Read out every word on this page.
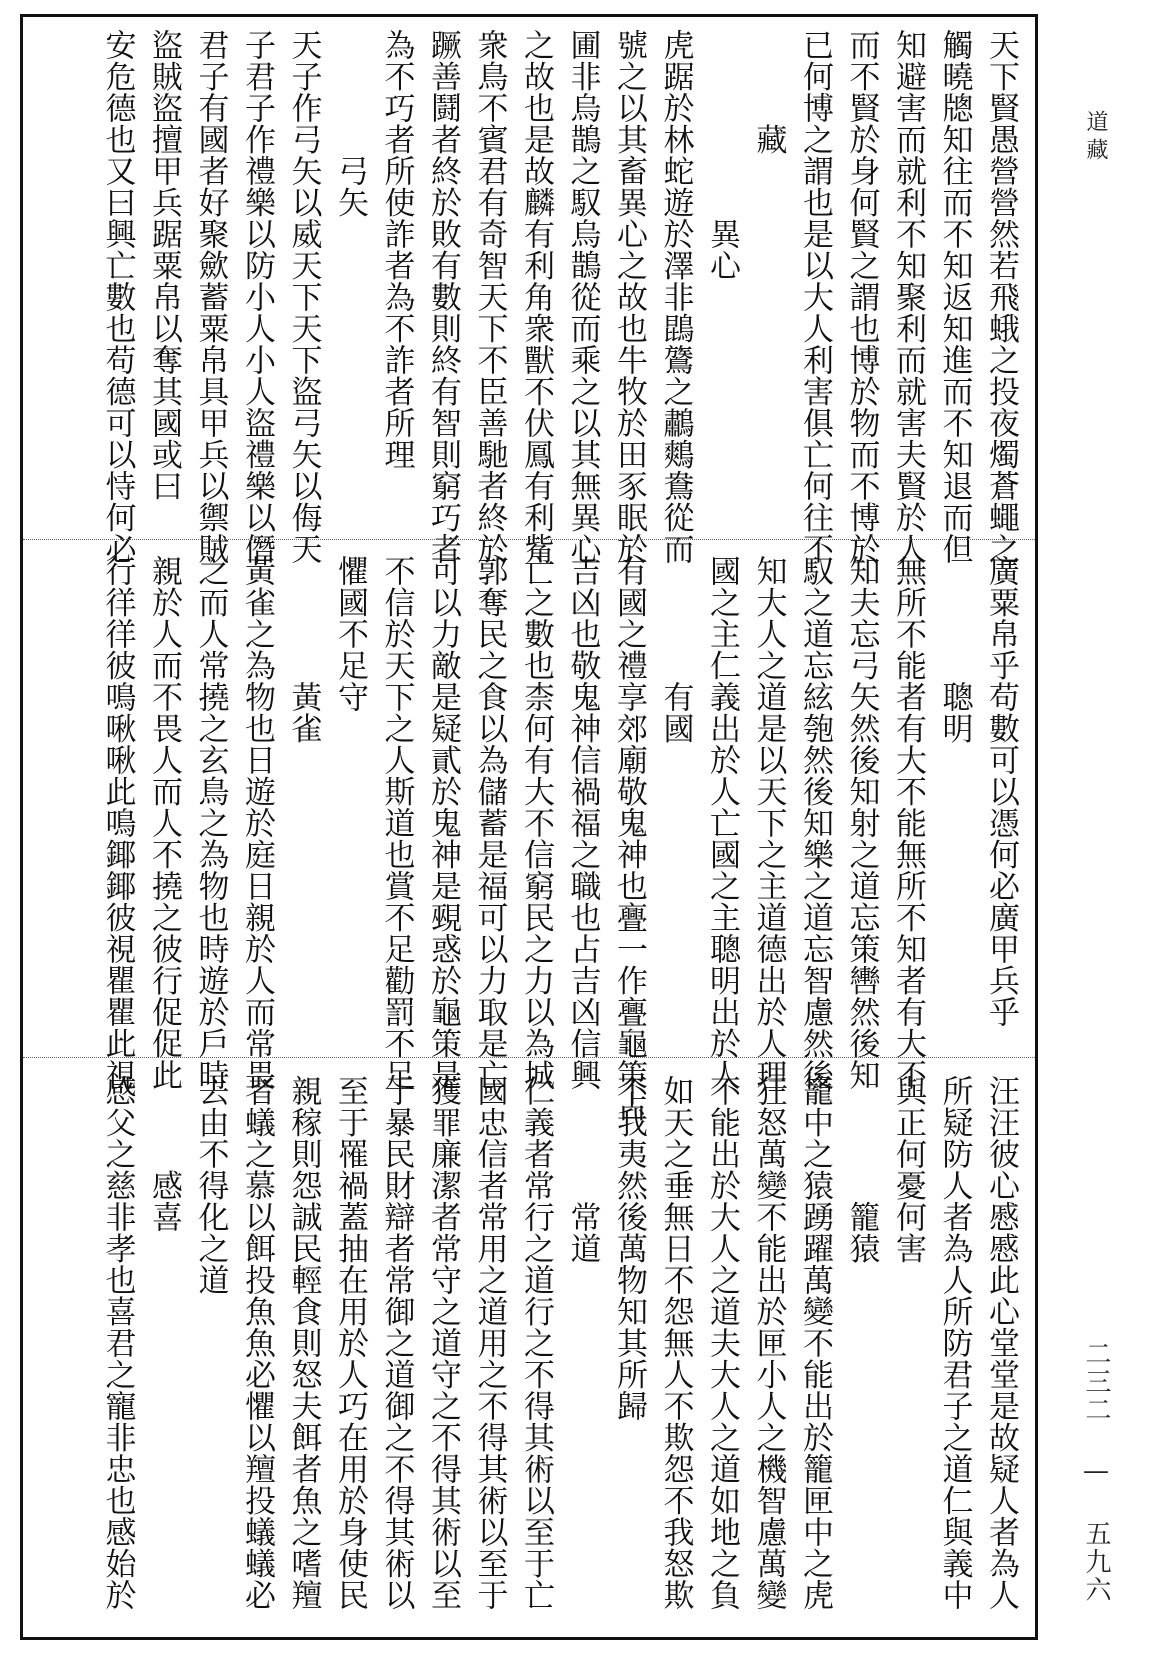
天下賢愚營營然若飛蛾之投夜燭蒼蠅之
觸曉牕知往而不知返知進而不知退而但
知避害而就利不知聚利而就害夫賢於人
而不賢於身何賢之謂也博於物而不博於
已何博之謂也是以大人利害俱亡何往不
　　　藏
　　　　　　異心
虎踞於林蛇遊於澤非鵾鷟之鷫鷞鴦從而
號之以其畜異心之故也牛牧於田豕眠於
圃非烏鵲之馭烏鵲從而乘之以其無異心
之故也是故麟有利角衆獸不伏鳳有利觜
衆鳥不賓君有奇智天下不臣善馳者終於
蹶善鬪者終於敗有數則終有智則窮巧者
為不巧者所使詐者為不詐者所理
　　　　弓矢
天子作弓矢以威天下天下盜弓矢以侮天
子君子作禮樂以防小人小人盜禮樂以僭
君子有國者好聚歛蓄粟帛具甲兵以禦賊
盜賊盜擅甲兵踞粟帛以奪其國或曰
安危德也又曰興亡數也苟德可以恃何必
廣粟帛乎苟數可以憑何必廣甲兵乎
　　　　聰明
無所不能者有大不能無所不知者有大不
知夫忘弓矢然後知射之道忘策轡然後知
馭之道忘絃匏然後知樂之道忘智慮然後
知大人之道是以天下之主道德出於人理
國之主仁義出於人亡國之主聰明出於人
　　　　有國
有國之禮享郊廟敬鬼神也亹一作亹龜策占
吉凶也敬鬼神信禍福之職也占吉凶信興
亡之數也柰何有大不信窮民之力以為城
郭奪民之食以為儲蓄是福可以力取是亡
可以力敵是疑貳於鬼神是覡惑於龜策是
不信於天下之人斯道也賞不足勸罰不足
懼國不足守
　　　　黃雀
黃雀之為物也日遊於庭日親於人而常畏
之而人常撓之玄鳥之為物也時遊於戶時
親於人而不畏人而人不撓之彼行促促此
行徉徉彼鳴啾啾此鳴鎁鎁彼視瞿瞿此視
汪汪彼心慼慼此心堂堂是故疑人者為人
所疑防人者為人所防君子之道仁與義中
與正何憂何害
　　　　籠猿
籠中之猿踴躍萬變不能出於籠匣中之虎
狂怒萬變不能出於匣小人之機智慮萬變
不能出於大人之道夫大人之道如地之負
如天之垂無日不怨無人不欺怨不我怒欺
不我夷然後萬物知其所歸
　　　　常道
仁義者常行之道行之不得其術以至于亡
國忠信者常用之道用之不得其術以至于
獲罪廉潔者常守之道守之不得其術以至
于暴民財辯者常御之道御之不得其術以
至于罹禍蓋抽在用於人巧在用於身使民
親稼則怨誠民輕食則怒夫餌者魚之嗜羶
者蟻之慕以餌投魚魚必懼以羶投蟻蟻必
去由不得化之道
　　　感喜
感父之慈非孝也喜君之寵非忠也感始於
道藏
二三二 — 五九六
